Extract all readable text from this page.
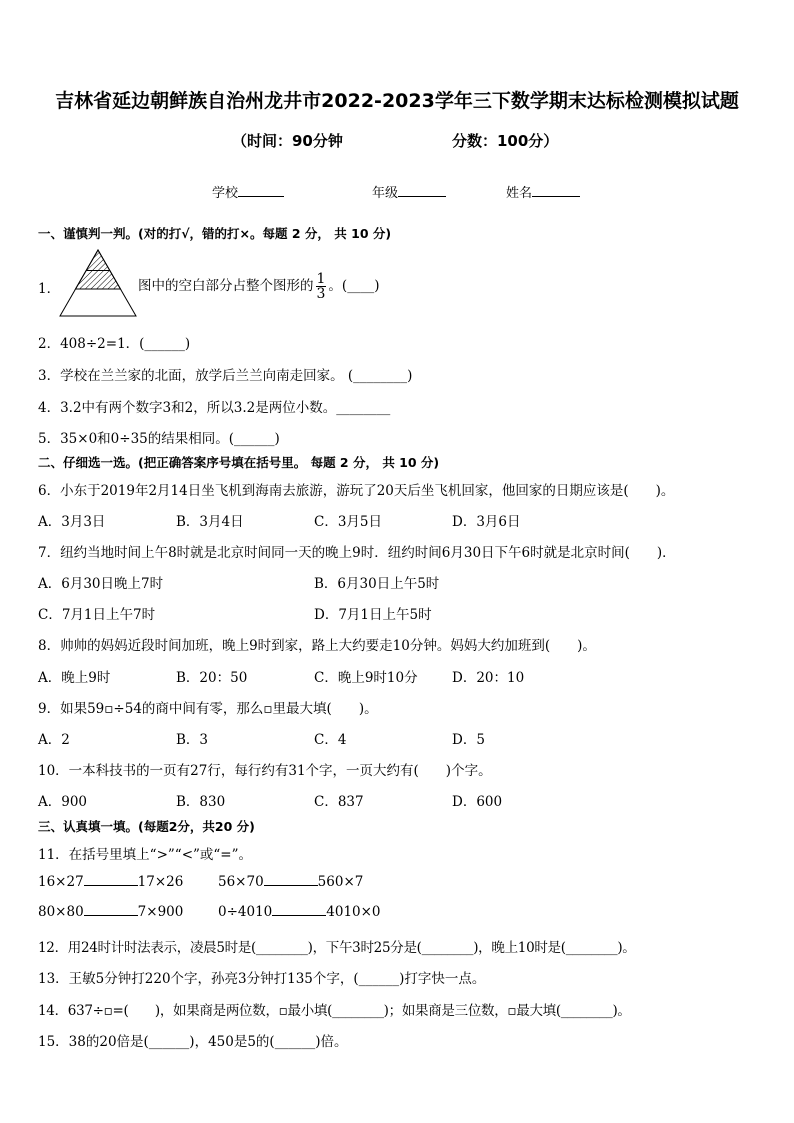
吉林省延边朝鲜族自治州龙井市2022-2023学年三下数学期末达标检测模拟试题
（时间：90分钟	分数：100分）
学校	年级	姓名
一、谨慎判一判。(对的打√，错的打×。每题 2 分， 共 10 分)
1．	图中的空白部分占整个图形的 $\frac{1}{3}$ 。(____)
2．408÷2=1．(______)
3．学校在兰兰家的北面，放学后兰兰向南走回家。 (________)
4．3.2中有两个数字3和2，所以3.2是两位小数。________
5．35×0和0÷35的结果相同。(______)
二、仔细选一选。(把正确答案序号填在括号里。 每题 2 分， 共 10 分)
6．小东于2019年2月14日坐飞机到海南去旅游，游玩了20天后坐飞机回家，他回家的日期应该是(　　)。
A．3月3日	B．3月4日	C．3月5日	D．3月6日
7．纽约当地时间上午8时就是北京时间同一天的晚上9时．纽约时间6月30日下午6时就是北京时间(　　)．
A．6月30日晚上7时	B．6月30日上午5时
C．7月1日上午7时	D．7月1日上午5时
8．帅帅的妈妈近段时间加班，晚上9时到家，路上大约要走10分钟。妈妈大约加班到(　　)。
A．晚上9时	B．20：50	C．晚上9时10分	D．20：10
9．如果59▫÷54的商中间有零，那么▫里最大填(　　)。
A．2	B．3	C．4	D．5
10．一本科技书的一页有27行，每行约有31个字，一页大约有(　　)个字。
A．900	B．830	C．837	D．600
三、认真填一填。(每题2分，共20 分)
11．在括号里填上“>”“<”或“=”。
16×27	17×26	56×70	560×7
80×80	7×900	0÷4010	4010×0
12．用24时计时法表示，凌晨5时是(________)，下午3时25分是(________)，晚上10时是(________)。
13．王敏5分钟打220个字，孙亮3分钟打135个字，(______)打字快一点。
14．637÷▫=(　　)，如果商是两位数，▫最小填(________)；如果商是三位数，▫最大填(________)。
15．38的20倍是(______)，450是5的(______)倍。
